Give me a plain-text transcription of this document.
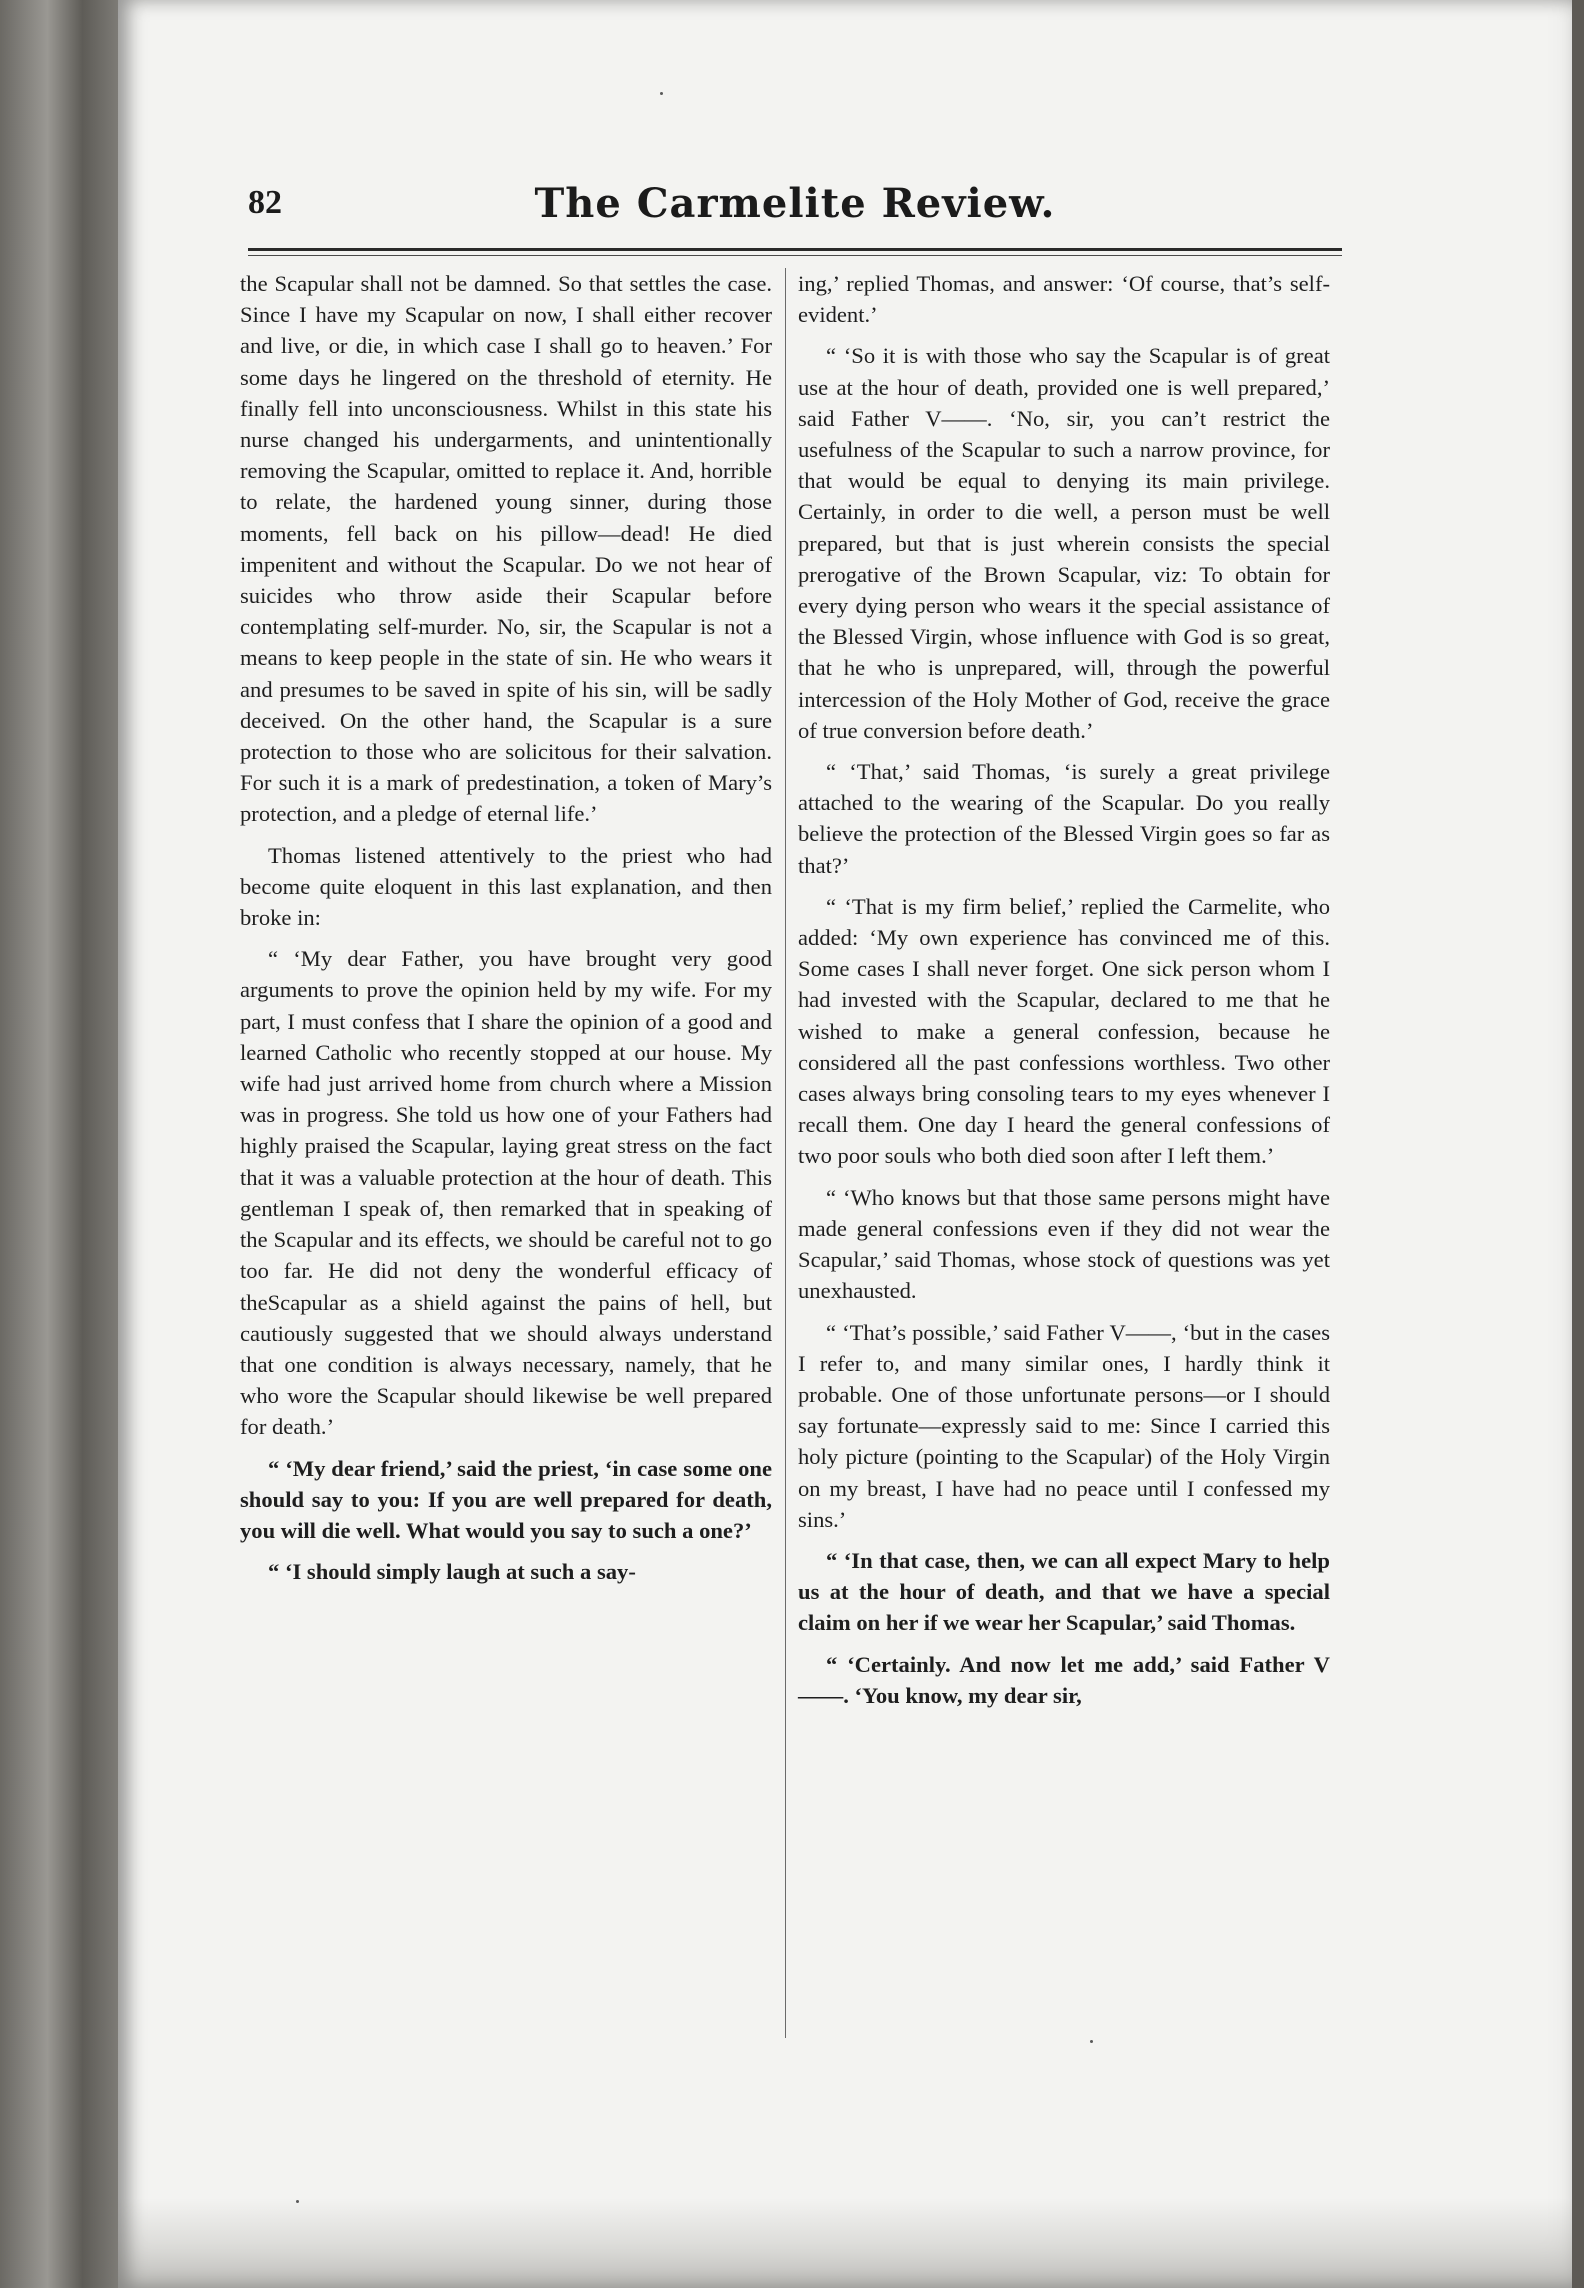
82	The Carmelite Review.

the Scapular shall not be damned. So that settles the case. Since I have my Scapular on now, I shall either recover and live, or die, in which case I shall go to heaven.’ For some days he lingered on the threshold of eternity. He finally fell into unconsciousness. Whilst in this state his nurse changed his undergarments, and unintentionally removing the Scapular, omitted to replace it. And, horrible to relate, the hardened young sinner, during those moments, fell back on his pillow—dead! He died impenitent and without the Scapular. Do we not hear of suicides who throw aside their Scapular before contemplating self-murder. No, sir, the Scapular is not a means to keep people in the state of sin. He who wears it and presumes to be saved in spite of his sin, will be sadly deceived. On the other hand, the Scapular is a sure protection to those who are solicitous for their salvation. For such it is a mark of predestination, a token of Mary’s protection, and a pledge of eternal life.’

Thomas listened attentively to the priest who had become quite eloquent in this last explanation, and then broke in:

“ ‘My dear Father, you have brought very good arguments to prove the opinion held by my wife. For my part, I must confess that I share the opinion of a good and learned Catholic who recently stopped at our house. My wife had just arrived home from church where a Mission was in progress. She told us how one of your Fathers had highly praised the Scapular, laying great stress on the fact that it was a valuable protection at the hour of death. This gentleman I speak of, then remarked that in speaking of the Scapular and its effects, we should be careful not to go too far. He did not deny the wonderful efficacy of theScapular as a shield against the pains of hell, but cautiously suggested that we should always understand that one condition is always necessary, namely, that he who wore the Scapular should likewise be well prepared for death.’

“ ‘My dear friend,’ said the priest, ‘in case some one should say to you: If you are well prepared for death, you will die well. What would you say to such a one?’

“ ‘I should simply laugh at such a say-

ing,’ replied Thomas, and answer: ‘Of course, that’s self-evident.’

“ ‘So it is with those who say the Scapular is of great use at the hour of death, provided one is well prepared,’ said Father V——. ‘No, sir, you can’t restrict the usefulness of the Scapular to such a narrow province, for that would be equal to denying its main privilege. Certainly, in order to die well, a person must be well prepared, but that is just wherein consists the special prerogative of the Brown Scapular, viz: To obtain for every dying person who wears it the special assistance of the Blessed Virgin, whose influence with God is so great, that he who is unprepared, will, through the powerful intercession of the Holy Mother of God, receive the grace of true conversion before death.’

“ ‘That,’ said Thomas, ‘is surely a great privilege attached to the wearing of the Scapular. Do you really believe the protection of the Blessed Virgin goes so far as that?’

“ ‘That is my firm belief,’ replied the Carmelite, who added: ‘My own experience has convinced me of this. Some cases I shall never forget. One sick person whom I had invested with the Scapular, declared to me that he wished to make a general confession, because he considered all the past confessions worthless. Two other cases always bring consoling tears to my eyes whenever I recall them. One day I heard the general confessions of two poor souls who both died soon after I left them.’

“ ‘Who knows but that those same persons might have made general confessions even if they did not wear the Scapular,’ said Thomas, whose stock of questions was yet unexhausted.

“ ‘That’s possible,’ said Father V——, ‘but in the cases I refer to, and many similar ones, I hardly think it probable. One of those unfortunate persons—or I should say fortunate—expressly said to me: Since I carried this holy picture (pointing to the Scapular) of the Holy Virgin on my breast, I have had no peace until I confessed my sins.’

“ ‘In that case, then, we can all expect Mary to help us at the hour of death, and that we have a special claim on her if we wear her Scapular,’ said Thomas.

“ ‘Certainly. And now let me add,’ said Father V——. ‘You know, my dear sir,
